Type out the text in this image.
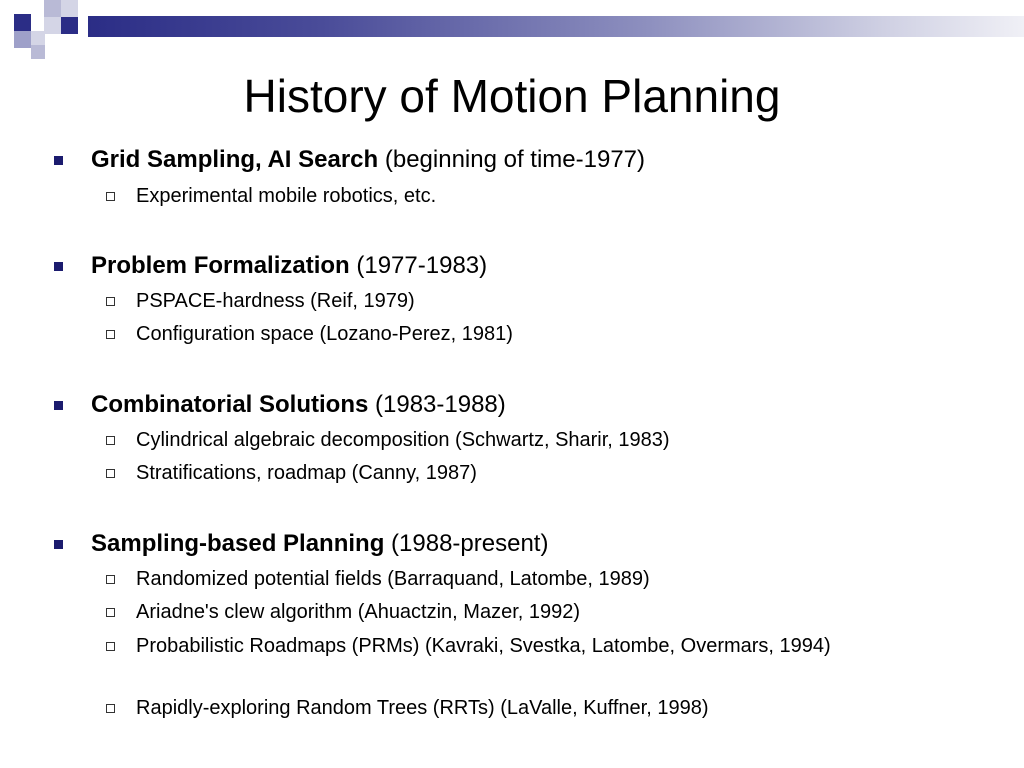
History of Motion Planning
Grid Sampling, AI Search (beginning of time-1977)
Experimental mobile robotics, etc.
Problem Formalization (1977-1983)
PSPACE-hardness (Reif, 1979)
Configuration space (Lozano-Perez, 1981)
Combinatorial Solutions (1983-1988)
Cylindrical algebraic decomposition (Schwartz, Sharir, 1983)
Stratifications, roadmap (Canny, 1987)
Sampling-based Planning (1988-present)
Randomized potential fields (Barraquand, Latombe, 1989)
Ariadne's clew algorithm (Ahuactzin, Mazer, 1992)
Probabilistic Roadmaps (PRMs) (Kavraki, Svestka, Latombe, Overmars, 1994)
Rapidly-exploring Random Trees (RRTs) (LaValle, Kuffner, 1998)
